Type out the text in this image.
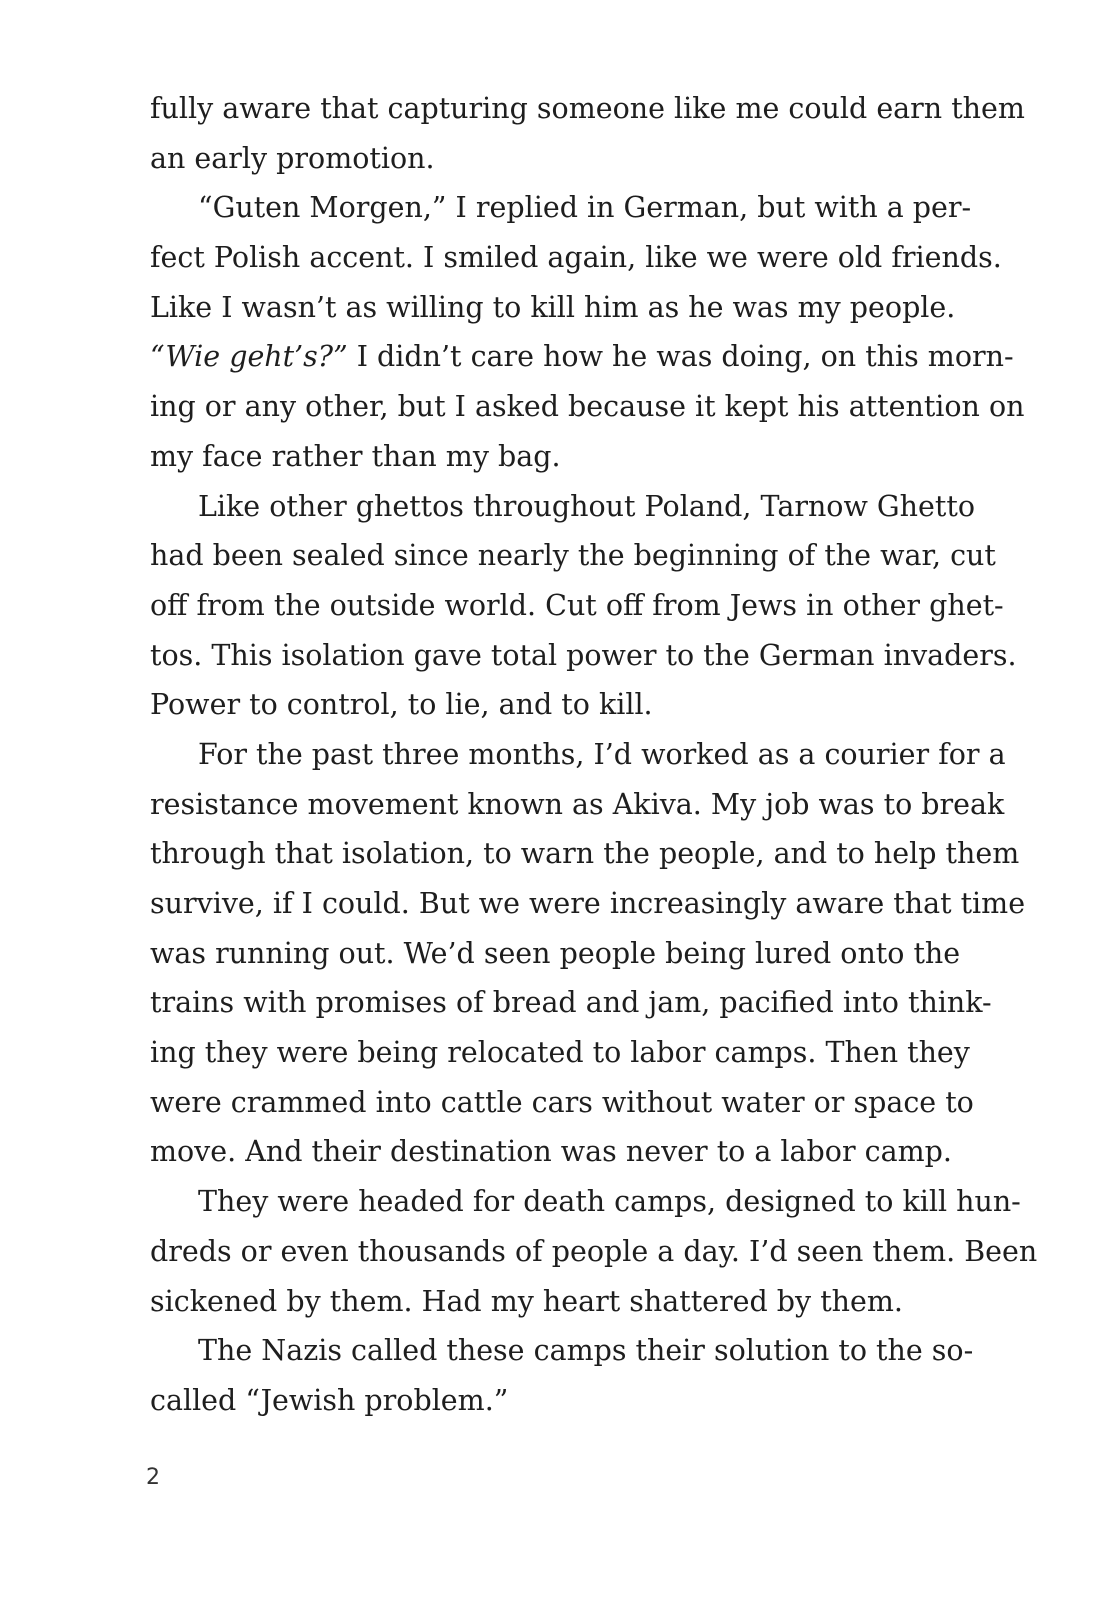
fully aware that capturing someone like me could earn them
an early promotion.
“Guten Morgen,” I replied in German, but with a per-
fect Polish accent. I smiled again, like we were old friends.
Like I wasn’t as willing to kill him as he was my people.
“Wie geht’s?” I didn’t care how he was doing, on this morn-
ing or any other, but I asked because it kept his attention on
my face rather than my bag.
Like other ghettos throughout Poland, Tarnow Ghetto
had been sealed since nearly the beginning of the war, cut
off from the outside world. Cut off from Jews in other ghet-
tos. This isolation gave total power to the German invaders.
Power to control, to lie, and to kill.
For the past three months, I’d worked as a courier for a
resistance movement known as Akiva. My job was to break
through that isolation, to warn the people, and to help them
survive, if I could. But we were increasingly aware that time
was running out. We’d seen people being lured onto the
trains with promises of bread and jam, pacified into think-
ing they were being relocated to labor camps. Then they
were crammed into cattle cars without water or space to
move. And their destination was never to a labor camp.
They were headed for death camps, designed to kill hun-
dreds or even thousands of people a day. I’d seen them. Been
sickened by them. Had my heart shattered by them.
The Nazis called these camps their solution to the so-
called “Jewish problem.”
2
